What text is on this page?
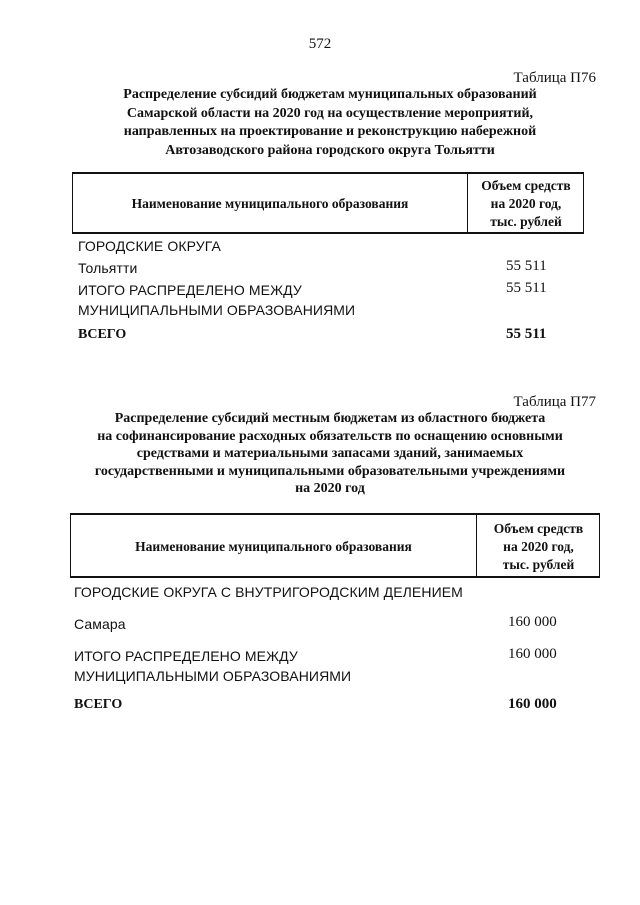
572
Таблица П76
Распределение субсидий бюджетам муниципальных образований
Самарской области на 2020 год на осуществление мероприятий,
направленных на проектирование и реконструкцию набережной
Автозаводского района городского округа Тольятти
Наименование муниципального образования
Объем средств
на 2020 год,
тыс. рублей
ГОРОДСКИЕ ОКРУГА
Тольятти	55 511
ИТОГО РАСПРЕДЕЛЕНО МЕЖДУ
МУНИЦИПАЛЬНЫМИ ОБРАЗОВАНИЯМИ
55 511
ВСЕГО	55 511
Таблица П77
Распределение субсидий местным бюджетам из областного бюджета
на софинансирование расходных обязательств по оснащению основными
средствами и материальными запасами зданий, занимаемых
государственными и муниципальными образовательными учреждениями
на 2020 год
Наименование муниципального образования
Объем средств
на 2020 год,
тыс. рублей
ГОРОДСКИЕ ОКРУГА С ВНУТРИГОРОДСКИМ ДЕЛЕНИЕМ
Самара	160 000
ИТОГО РАСПРЕДЕЛЕНО МЕЖДУ
МУНИЦИПАЛЬНЫМИ ОБРАЗОВАНИЯМИ
160 000
ВСЕГО	160 000
